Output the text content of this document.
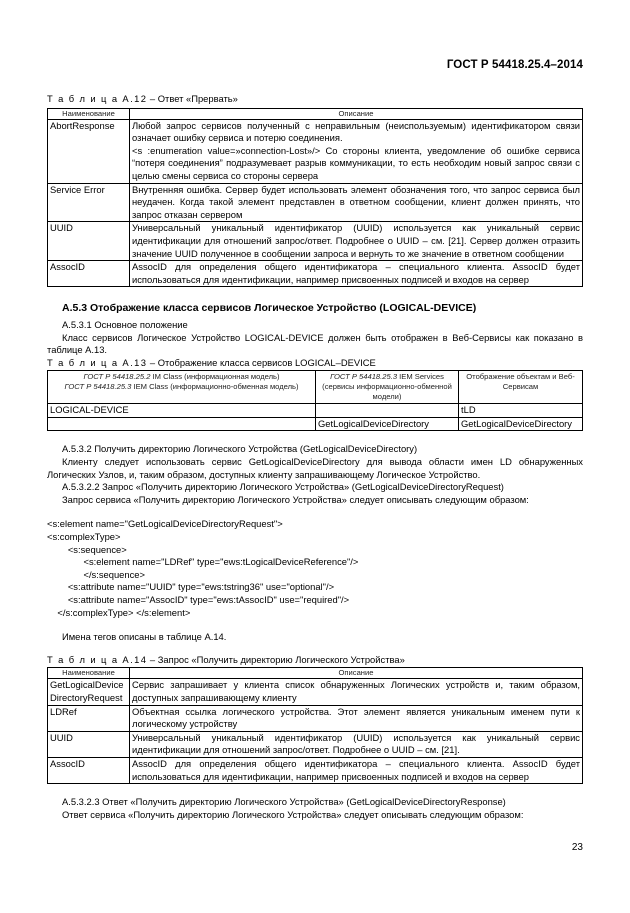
ГОСТ Р 54418.25.4–2014

Т а б л и ц а А.12 – Ответ «Прервать»

Наименование	Описание
AbortResponse	Любой запрос сервисов полученный с неправильным (неиспользуемым) идентификатором связи означает ошибку сервиса и потерю соединения.
<s :enumeration value=»connection-Lost»/> Со стороны клиента, уведомление об ошибке сервиса “потеря соединения” подразумевает разрыв коммуникации, то есть необходим новый запрос связи с целью смены сервиса со стороны сервера

Service Error	Внутренняя ошибка. Сервер будет использовать элемент обозначения того, что запрос сервиса был неудачен. Когда такой элемент представлен в ответном сообщении, клиент должен принять, что запрос отказан сервером
UUID	Универсальный уникальный идентификатор (UUID) используется как уникальный сервис идентификации для отношений запрос/ответ. Подробнее о UUID – см. [21]. Сервер должен отразить значение UUID полученное в сообщении запроса и вернуть то же значение в ответном сообщении
AssocID	AssocID для определения общего идентификатора – специального клиента. AssocID будет использоваться для идентификации, например присвоенных подписей и входов на сервер
А.5.3 Отображение класса сервисов Логическое Устройство (LOGICAL-DEVICE)

А.5.3.1 Основное положение

Класс сервисов Логическое Устройство LOGICAL-DEVICE должен быть отображен в Веб-Сервисы как показано в таблице А.13.

Т а б л и ц а А.13 – Отображение класса сервисов LOGICAL–DEVICE

ГОСТ Р 54418.25.2 IM Class (информационная модель)
ГОСТ Р 54418.25.3 IEM Class (информационно-обменная модель)	ГОСТ Р 54418.25.3 IEM Services (сервисы информационно-обменной модели)	Отображение объектам и Веб-Сервисам
LOGICAL-DEVICE		tLD
	GetLogicalDeviceDirectory	GetLogicalDeviceDirectory

А.5.3.2 Получить директорию Логического Устройства (GetLogicalDeviceDirectory)

Клиенту следует использовать сервис GetLogicalDeviceDirectory для вывода области имен LD обнаруженных Логических Узлов, и, таким образом, доступных клиенту запрашивающему Логическое Устройство.

А.5.3.2.2 Запрос «Получить директорию Логического Устройства» (GetLogicalDeviceDirectoryRequest)

Запрос сервиса «Получить директорию Логического Устройства» следует описывать следующим образом:

<s:element name="GetLogicalDeviceDirectoryRequest">
<s:complexType>
<s:sequence>
<s:element name="LDRef" type="ews:tLogicalDeviceReference"/>
</s:sequence>
<s:attribute name="UUID" type="ews:tstring36" use="optional"/>
<s:attribute name="AssocID" type="ews:tAssocID" use="required"/>
</s:complexType> </s:element>

Имена тегов описаны в таблице А.14.

Т а б л и ц а А.14 – Запрос «Получить директорию Логического Устройства»

Наименование	Описание
GetLogicalDevice DirectoryRequest	Сервис запрашивает у клиента список обнаруженных Логических устройств и, таким образом, доступных запрашивающему клиенту
LDRef	Объектная ссылка логического устройства. Этот элемент является уникальным именем пути к логическому устройству
UUID	Универсальный уникальный идентификатор (UUID) используется как уникальный сервис идентификации для отношений запрос/ответ. Подробнее о UUID – см. [21].
AssocID	AssocID для определения общего идентификатора – специального клиента. AssocID будет использоваться для идентификации, например присвоенных подписей и входов на сервер

А.5.3.2.3 Ответ «Получить директорию Логического Устройства» (GetLogicalDeviceDirectoryResponse)

Ответ сервиса «Получить директорию Логического Устройства» следует описывать следующим образом:

23
